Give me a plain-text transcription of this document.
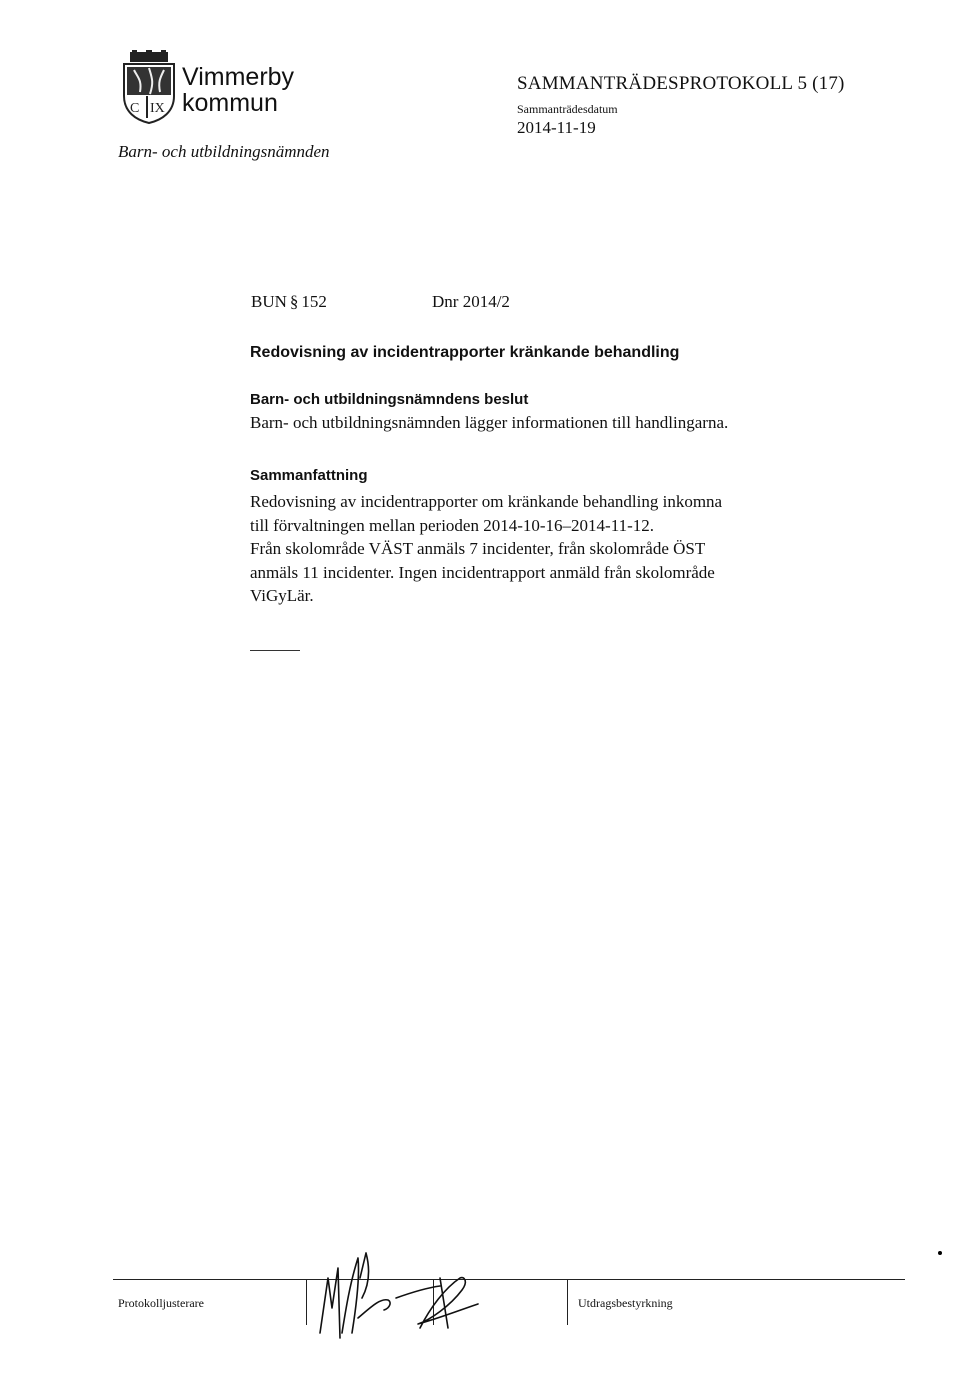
C IX
Vimmerby
kommun
Barn- och utbildningsnämnden
SAMMANTRÄDESPROTOKOLL 5 (17)
Sammanträdesdatum
2014-11-19
BUN § 152	Dnr 2014/2
Redovisning av incidentrapporter kränkande behandling
Barn- och utbildningsnämndens beslut
Barn- och utbildningsnämnden lägger informationen till handlingarna.
Sammanfattning
Redovisning av incidentrapporter om kränkande behandling inkomna
till förvaltningen mellan perioden 2014-10-16–2014-11-12.
Från skolområde VÄST anmäls 7 incidenter, från skolområde ÖST
anmäls 11 incidenter. Ingen incidentrapport anmäld från skolområde
ViGyLär.
Protokolljusterare	Utdragsbestyrkning
